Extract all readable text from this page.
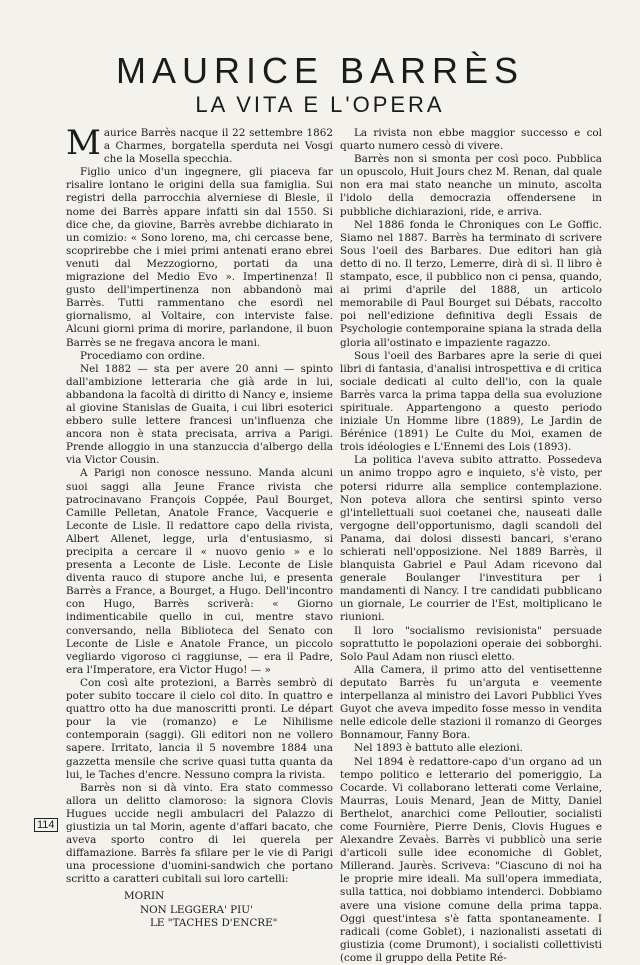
MAURICE BARRÈS
LA VITA E L'OPERA

Maurice Barrès nacque il 22 settembre 1862 a Charmes, borgatella sperduta nei Vosgi che la Mosella specchia.

Figlio unico d'un ingegnere, gli piaceva far risalire lontano le origini della sua famiglia. Sui registri della parrocchia alverniese di Blesle, il nome dei Barrès appare infatti sin dal 1550. Si dice che, da giovine, Barrès avrebbe dichiarato in un comizio: « Sono loreno, ma, chi cercasse bene, scoprirebbe che i miei primi antenati erano ebrei venuti dal Mezzogiorno, portati da una migrazione del Medio Evo ». Impertinenza! Il gusto dell'impertinenza non abbandonò mai Barrès. Tutti rammentano che esordì nel giornalismo, al Voltaire, con interviste false. Alcuni giorni prima di morire, parlandone, il buon Barrès se ne fregava ancora le mani.

Procediamo con ordine.

Nel 1882 — sta per avere 20 anni — spinto dall'ambizione letteraria che già arde in lui, abbandona la facoltà di diritto di Nancy e, insieme al giovine Stanislas de Guaita, i cui libri esoterici ebbero sulle lettere francesi un'influenza che ancora non è stata precisata, arriva a Parigi. Prende alloggio in una stanzuccia d'albergo della via Victor Cousin.

A Parigi non conosce nessuno. Manda alcuni suoi saggi alla Jeune France rivista che patrocinavano François Coppée, Paul Bourget, Camille Pelletan, Anatole France, Vacquerie e Leconte de Lisle. Il redattore capo della rivista, Albert Allenet, legge, urla d'entusiasmo, si precipita a cercare il « nuovo genio » e lo presenta a Leconte de Lisle. Leconte de Lisle diventa rauco di stupore anche lui, e presenta Barrès a France, a Bourget, a Hugo. Dell'incontro con Hugo, Barrès scriverà: « Giorno indimenticabile quello in cui, mentre stavo conversando, nella Biblioteca del Senato con Leconte de Lisle e Anatole France, un piccolo vegliardo vigoroso ci raggiunse, — era il Padre, era l'Imperatore, era Victor Hugo! — »

Con così alte protezioni, a Barrès sembrò di poter subito toccare il cielo col dito. In quattro e quattro otto ha due manoscritti pronti. Le départ pour la vie (romanzo) e Le Nihilisme contemporain (saggi). Gli editori non ne vollero sapere. Irritato, lancia il 5 novembre 1884 una gazzetta mensile che scrive quasi tutta quanta da lui, le Taches d'encre. Nessuno compra la rivista.

Barrès non si dà vinto. Era stato commesso allora un delitto clamoroso: la signora Clovis Hugues uccide negli ambulacri del Palazzo di giustizia un tal Morin, agente d'affari bacato, che aveva sporto contro di lei querela per diffamazione. Barrès fa sfilare per le vie di Parigi una processione d'uomini-sandwich che portano scritto a caratteri cubitali sui loro cartelli:

MORIN
NON LEGGERA' PIU'
LE "TACHES D'ENCRE"

La rivista non ebbe maggior successo e col quarto numero cessò di vivere.

Barrès non si smonta per così poco. Pubblica un opuscolo, Huit Jours chez M. Renan, dal quale non era mai stato neanche un minuto, ascolta l'idolo della democrazia offendersene in pubbliche dichiarazioni, ride, e arriva.

Nel 1886 fonda le Chroniques con Le Goffic. Siamo nel 1887. Barrès ha terminato di scrivere Sous l'oeil des Barbares. Due editori han già detto di no. Il terzo, Lemerre, dirà di sì. Il libro è stampato, esce, il pubblico non ci pensa, quando, ai primi d'aprile del 1888, un articolo memorabile di Paul Bourget sui Débats, raccolto poi nell'edizione definitiva degli Essais de Psychologie contemporaine spiana la strada della gloria all'ostinato e impaziente ragazzo.

Sous l'oeil des Barbares apre la serie di quei libri di fantasia, d'analisi introspettiva e di critica sociale dedicati al culto dell'io, con la quale Barrès varca la prima tappa della sua evoluzione spirituale. Appartengono a questo periodo iniziale Un Homme libre (1889), Le Jardin de Bérénice (1891) Le Culte du Moi, examen de trois idéologies e L'Ennemi des Lois (1893).

La politica l'aveva subito attratto. Possedeva un animo troppo agro e inquieto, s'è visto, per potersi ridurre alla semplice contemplazione. Non poteva allora che sentirsi spinto verso gl'intellettuali suoi coetanei che, nauseati dalle vergogne dell'opportunismo, dagli scandoli del Panama, dai dolosi dissesti bancari, s'erano schierati nell'opposizione. Nel 1889 Barrès, il blanquista Gabriel e Paul Adam ricevono dal generale Boulanger l'investitura per i mandamenti di Nancy. I tre candidati pubblicano un giornale, Le courrier de l'Est, moltiplicano le riunioni.

Il loro "socialismo revisionista" persuade soprattutto le popolazioni operaie dei sobborghi. Solo Paul Adam non riuscì eletto.

Alla Camera, il primo atto del ventisettenne deputato Barrès fu un'arguta e veemente interpellanza al ministro dei Lavori Pubblici Yves Guyot che aveva impedito fosse messo in vendita nelle edicole delle stazioni il romanzo di Georges Bonnamour, Fanny Bora.

Nel 1893 è battuto alle elezioni.

Nel 1894 è redattore-capo d'un organo ad un tempo politico e letterario del pomeriggio, La Cocarde. Vi collaborano letterati come Verlaine, Maurras, Louis Menard, Jean de Mitty, Daniel Berthelot, anarchici come Pelloutier, socialisti come Fournière, Pierre Denis, Clovis Hugues e Alexandre Zevaès. Barrès vi pubblicò una serie d'articoli sulle idee economiche di Goblet, Millerand. Jaurès. Scriveva: "Ciascuno di noi ha le proprie mire ideali. Ma sull'opera immediata, sulla tattica, noi dobbiamo intenderci. Dobbiamo avere una visione comune della prima tappa. Oggi quest'intesa s'è fatta spontaneamente. I radicali (come Goblet), i nazionalisti assetati di giustizia (come Drumont), i socialisti collettivisti (come il gruppo della Petite Ré-

114
